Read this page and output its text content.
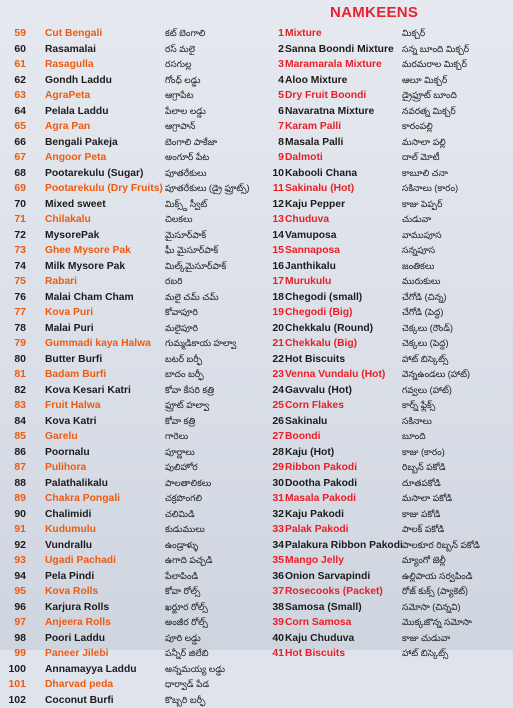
NAMKEENS
59 Cut Bengali	కట్ బెంగాలి
60 Rasamalai	రస్ మలై
61 Rasagulla	రసగుల్ల
62 Gondh Laddu	గోంధ్ లడ్డు
63 AgraPeta	ఆగ్రాపేట
64 Pelala Laddu	పేలాల లడ్డు
65 Agra Pan	ఆగ్రాపాన్
66 Bengali Pakeja	బెంగాలి పాకేజా
67 Angoor Peta	అంగూర్ పేట
68 Pootarekulu (Sugar) పూతరేకులు
69 Pootarekulu (Dry Fruits) పూతరేకులు (డ్రై ఫ్రూట్స్)
70 Mixed sweet	మిక్స్డ్ స్వీట్
71 Chilakalu	చిలకలు
72 MysorePak	మైసూర్‌పాక్
73 Ghee Mysore Pak	ఘీ మైసూర్‌పాక్
74 Milk Mysore Pak	మిల్క్‌మైసూర్‌పాక్
75 Rabari	రబరి
76 Malai Cham Cham	మలై చమ్ చమ్
77 Kova Puri	కోవాపూరి
78 Malai Puri	మలైపూరి
79 Gummadi kaya Halwa గుమ్మడికాయ హల్వా
80 Butter Burfi	బటర్ బర్ఫీ
81 Badam Burfi	బాదం బర్ఫీ
82 Kova Kesari Katri	కోవా కేసరి కత్రి
83 Fruit Halwa	ఫ్రూట్ హల్వా
84 Kova Katri	కోవా కత్రి
85 Garelu	గారెలు
86 Poornalu	పూర్ణాలు
87 Pulihora	పులిహోర
88 Palathalikalu	పాలతాలికలు
89 Chakra Pongali	చక్రపొంగలి
90 Chalimidi	చలిమిడి
91 Kudumulu	కుడుములు
92 Vundrallu	ఉండ్రాళ్ళు
93 Ugadi Pachadi	ఉగాది పచ్చడి
94 Pela Pindi	పేలాపిండి
95 Kova Rolls	కోవా రోల్స్
96 Karjura Rolls	ఖర్జూర రోల్స్
97 Anjeera Rolls	అంజీర రోల్స్
98 Poori Laddu	పూరి లడ్డు
99 Paneer Jilebi	పన్నీర్ జిలేబి
100 Annamayya Laddu	అన్నమయ్య లడ్డు
101 Dharvad peda	ధార్వాడ్ పేడ
102 Coconut Burfi	కొబ్బరి బర్ఫీ
1 Mixture	మిక్చర్
2 Sanna Boondi Mixture సన్న బూంది మిక్చర్
3 Maramarala Mixture మరమరాల మిక్చర్
4 Aloo Mixture	ఆలూ మిక్చర్
5 Dry Fruit Boondi	డ్రైఫ్రూట్ బూంది
6 Navaratna Mixture	నవరత్న మిక్చర్
7 Karam Palli	కారంపల్లి
8 Masala Palli	మసాలా పల్లి
9 Dalmoti	దాల్ మోటీ
10 Kabooli Chana	కాబూలి చనా
11 Sakinalu (Hot)	సకినాలు (కారం)
12 Kaju Pepper	కాజు పెప్పర్
13 Chuduva	చుడువా
14 Vamuposa	వాముపూస
15 Sannaposa	సన్నపూస
16 Janthikalu	జంతికలు
17 Murukulu	మురుకులు
18 Chegodi (small)	చేగోడి (చిన్న)
19 Chegodi (Big)	చేగోడి (పెద్ద)
20 Chekkalu (Round)	చెక్కలు (రౌండ్)
21 Chekkalu (Big)	చెక్కలు (పెద్ద)
22 Hot Biscuits	హాట్ బిస్కెట్స్
23 Venna Vundalu (Hot) వెన్నఉండలు (హాట్)
24 Gavvalu (Hot)	గవ్వలు (హాట్)
25 Corn Flakes	కార్న్ ఫ్లేక్స్
26 Sakinalu	సకినాలు
27 Boondi	బూంది
28 Kaju (Hot)	కాజు (కారం)
29 Ribbon Pakodi	రిబ్బన్ పకోడి
30 Dootha Pakodi	దూతపకోడి
31 Masala Pakodi	మసాలా పకోడి
32 Kaju Pakodi	కాజు పకోడి
33 Palak Pakodi	పాలక్ పకోడి
34 Palakura Ribbon Pakodi పాలకూర రిబ్బన్ పకోడి
35 Mango Jelly	మ్యాంగో జెల్లీ
36 Onion Sarvapindi	ఉల్లిపాయ సర్వపిండి
37 Rosecooks (Packet) రోజ్ కుక్స్ (ప్యాకెట్)
38 Samosa (Small)	సమోసా (చిన్నవి)
39 Corn Samosa	మొక్కజొన్న సమోసా
40 Kaju Chuduva	కాజు చుడువా
41 Hot Biscuits	హాట్ బిస్కెట్స్
